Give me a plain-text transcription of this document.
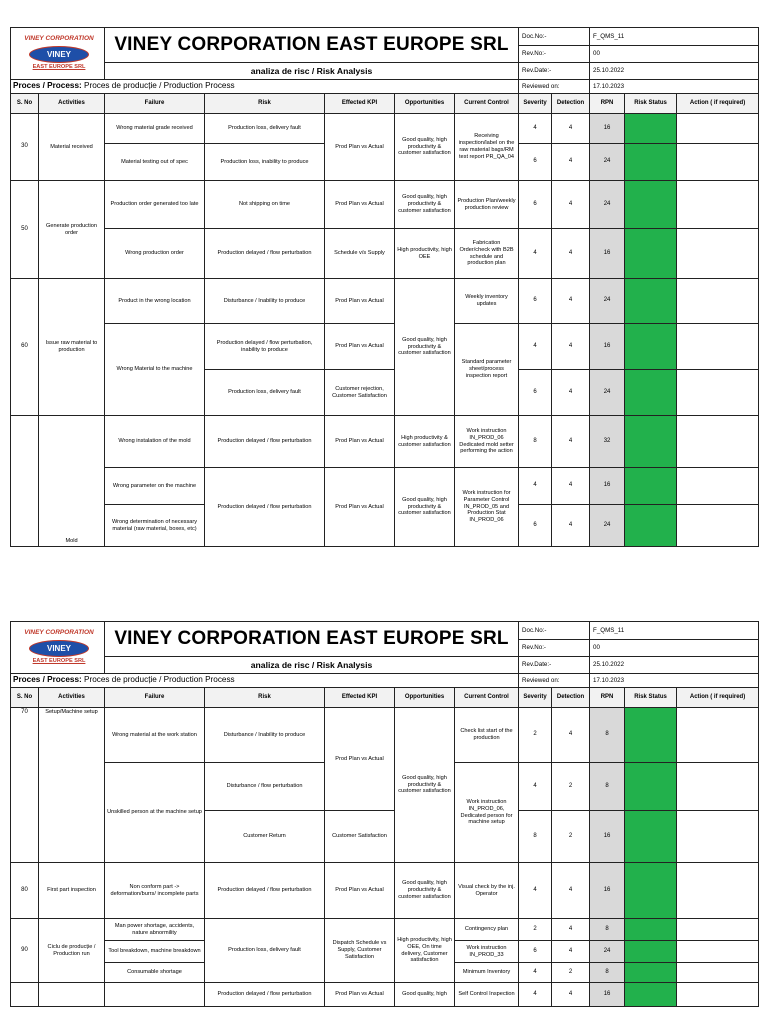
VINEY CORPORATION
VINEY
EAST EUROPE SRL		VINEY CORPORATION EAST EUROPE SRL					Doc.No:-		F_QMS_11		
							Rev.No:-		00		
		analiza de risc / Risk Analysis					Rev.Date:-		25.10.2022		
Proces / Process: Proces de producție / Production Process							Reviewed on:		17.10.2023		
S. No	Activities	Failure	Risk	Effected KPI	Opportunities	Current Control	Severity	Detection	RPN	Risk Status	Action ( if required)
30	Material received	Wrong material grade received	Production loss, delivery fault	Prod Plan vs Actual	Good quality, high productivity & customer satisfaction	Receiving inspection/label on the raw material bags/RM test report PR_QA_04	4	4	16		
		Material testing out of spec	Production loss, inability to produce				6	4	24		
50	Generate production order	Production order generated too late	Not shipping on time	Prod Plan vs Actual	Good quality, high productivity & customer satisfaction	Production Plan/weekly production review	6	4	24		
		Wrong production order	Production delayed / flow perturbation	Schedule v/s Supply	High productivity, high OEE	Fabrication Order/check with B2B schedule and production plan	4	4	16		
60	Issue raw material to production	Product in the wrong location	Disturbance / Inability to produce	Prod Plan vs Actual	Good quality, high productivity & customer satisfaction	Weekly inventory updates	6	4	24		
		Wrong Material to the machine	Production delayed / flow perturbation, inability to produce	Prod Plan vs Actual		Standard parameter sheet/process inspection report	4	4	16		
			Production loss, delivery fault	Customer rejection, Customer Satisfaction			6	4	24		
	Mold	Wrong instalation of the mold	Production delayed / flow perturbation	Prod Plan vs Actual	High productivity & customer satisfaction	Work instruction IN_PROD_06 Dedicated mold setter performing the action	8	4	32		
		Wrong parameter on the machine	Production delayed / flow perturbation	Prod Plan vs Actual	Good quality, high productivity & customer satisfaction	Work instruction for Parameter Control IN_PROD_05 and Production Stat IN_PROD_06	4	4	16		
		Wrong determination of necessary material (raw material, boxes, etc)					6	4	24		
VINEY CORPORATION
VINEY
EAST EUROPE SRL		VINEY CORPORATION EAST EUROPE SRL					Doc.No:-		F_QMS_11		
							Rev.No:-		00		
		analiza de risc / Risk Analysis					Rev.Date:-		25.10.2022		
Proces / Process: Proces de producție / Production Process							Reviewed on:		17.10.2023		
S. No	Activities	Failure	Risk	Effected KPI	Opportunities	Current Control	Severity	Detection	RPN	Risk Status	Action ( if required)
70	Setup/Machine setup	Wrong material at the work station	Disturbance / Inability to produce	Prod Plan vs Actual	Good quality, high productivity & customer satisfaction	Check list start of the production	2	4	8		
		Unskilled person at the machine setup	Disturbance / flow perturbation			Work instruction IN_PROD_06, Dedicated person for machine setup	4	2	8		
			Customer Return	Customer Satisfaction			8	2	16		
80	First part inspection	Non conform part -> deformation/burrs/ incomplete parts	Production delayed / flow perturbation	Prod Plan vs Actual	Good quality, high productivity & customer satisfaction	Visual check by the inj. Operator	4	4	16		
90	Ciclu de producție / Production run	Man power shortage, accidents, nature abnormility	Production loss, delivery fault	Dispatch Schedule vs Supply, Customer Satisfaction	High productivity, high OEE, On time delivery, Customer satisfaction	Contingency plan	2	4	8		
		Tool breakdown, machine breakdown				Work instruction IN_PROD_33	6	4	24		
		Consumable shortage				Minimum Inventory	4	2	8		
			Production delayed / flow perturbation	Prod Plan vs Actual	Good quality, high	Self Control Inspection	4	4	16		
